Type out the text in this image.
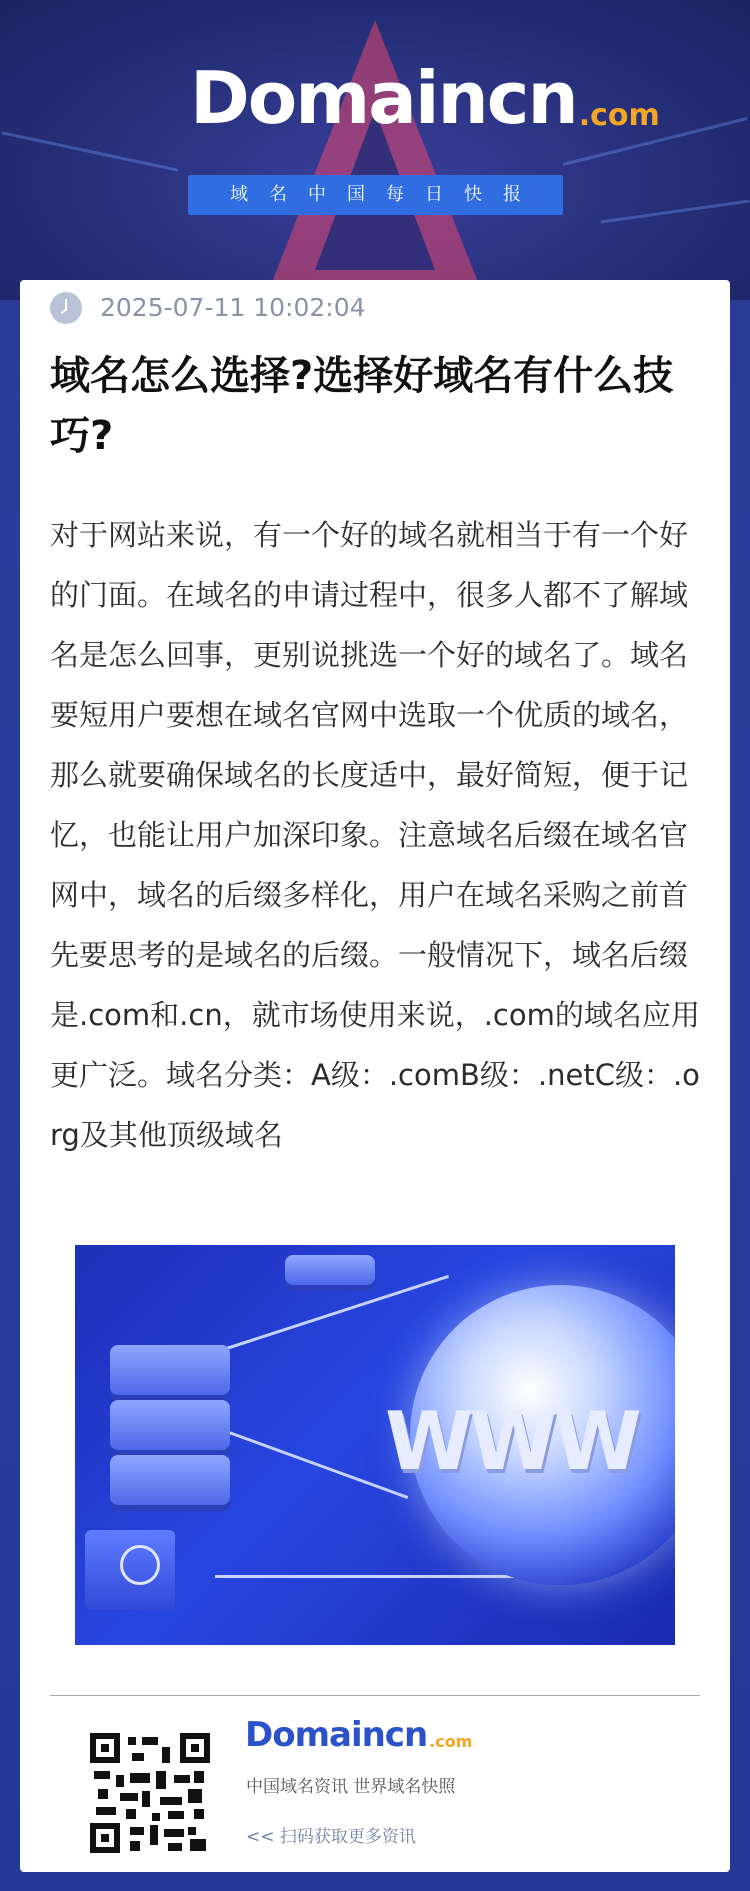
Domaincn .com
域名中国每日快报
2025-07-11 10:02:04
域名怎么选择?选择好域名有什么技巧?

对于网站来说，有一个好的域名就相当于有一个好的门面。在域名的申请过程中，很多人都不了解域名是怎么回事，更别说挑选一个好的域名了。域名要短用户要想在域名官网中选取一个优质的域名，那么就要确保域名的长度适中，最好简短，便于记忆，也能让用户加深印象。注意域名后缀在域名官网中，域名的后缀多样化，用户在域名采购之前首先要思考的是域名的后缀。一般情况下，域名后缀是.com和.cn，就市场使用来说，.com的域名应用更广泛。域名分类：A级：.comB级：.netC级：.org及其他顶级域名

WWW
Domaincn .com
中国域名资讯 世界域名快照
<< 扫码获取更多资讯
